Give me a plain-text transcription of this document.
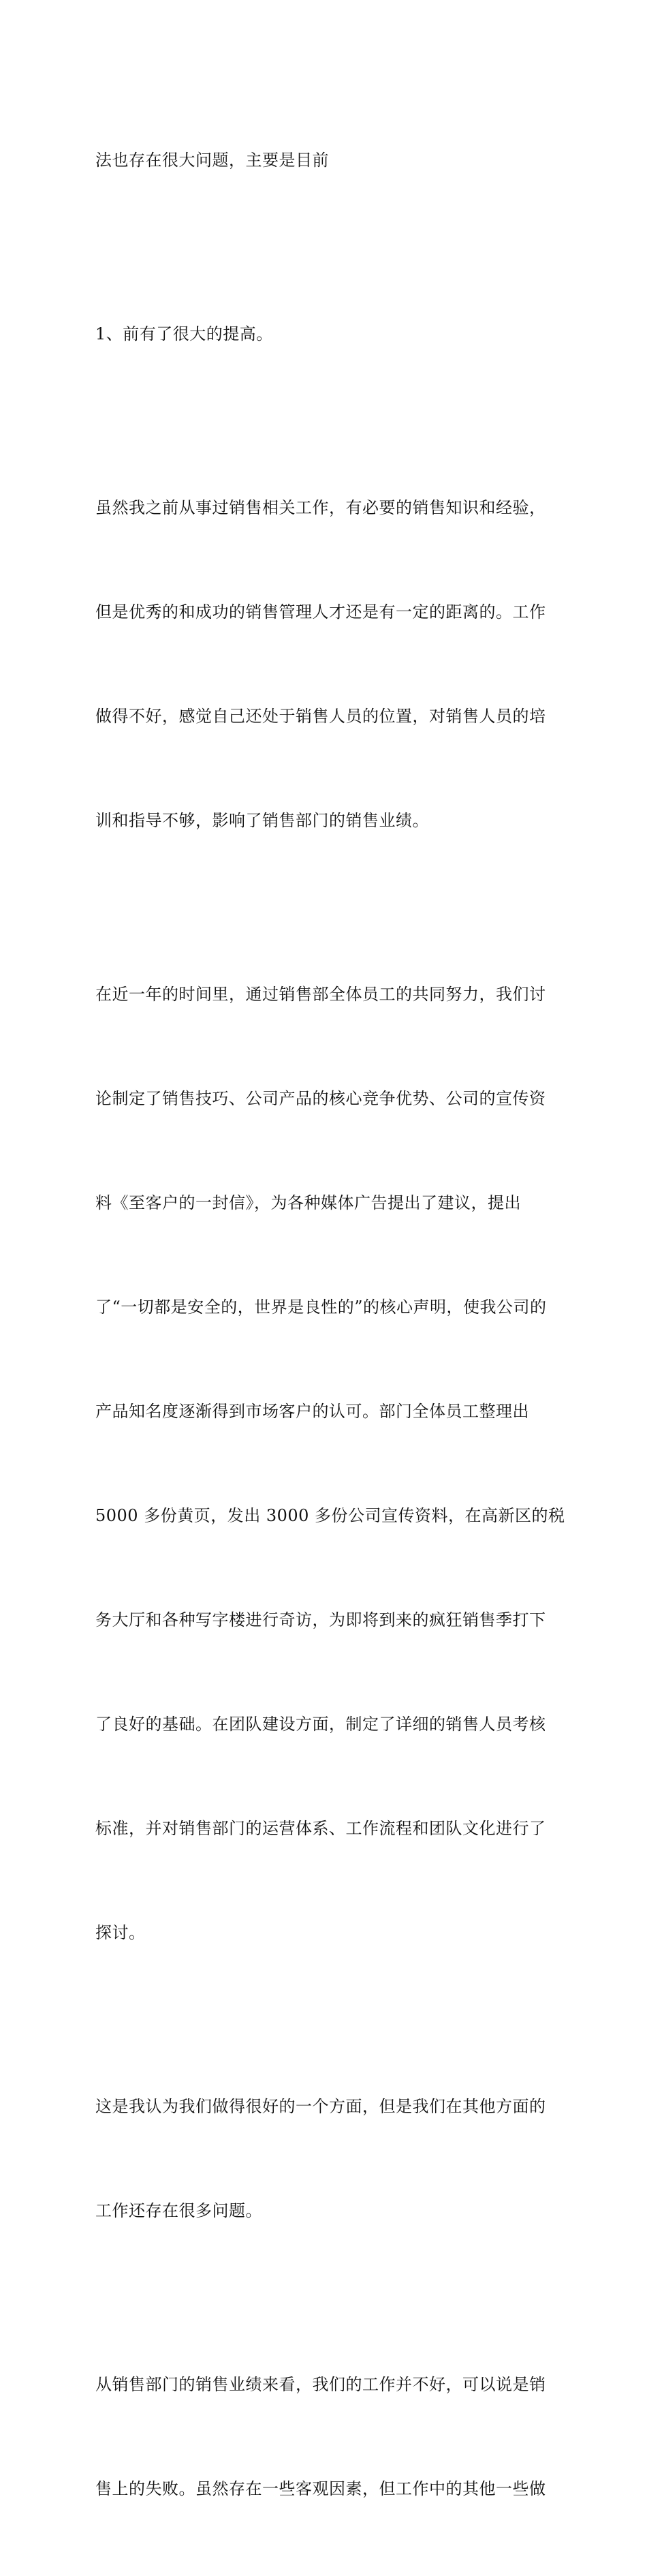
法也存在很大问题，主要是目前

1、前有了很大的提高。

虽然我之前从事过销售相关工作，有必要的销售知识和经验，

但是优秀的和成功的销售管理人才还是有一定的距离的。工作

做得不好，感觉自己还处于销售人员的位置，对销售人员的培

训和指导不够，影响了销售部门的销售业绩。

在近一年的时间里，通过销售部全体员工的共同努力，我们讨

论制定了销售技巧、公司产品的核心竞争优势、公司的宣传资

料《至客户的一封信》，为各种媒体广告提出了建议，提出

了“一切都是安全的，世界是良性的”的核心声明，使我公司的

产品知名度逐渐得到市场客户的认可。部门全体员工整理出

5000 多份黄页，发出 3000 多份公司宣传资料，在高新区的税

务大厅和各种写字楼进行奇访，为即将到来的疯狂销售季打下

了良好的基础。在团队建设方面，制定了详细的销售人员考核

标准，并对销售部门的运营体系、工作流程和团队文化进行了

探讨。

这是我认为我们做得很好的一个方面，但是我们在其他方面的

工作还存在很多问题。

从销售部门的销售业绩来看，我们的工作并不好，可以说是销

售上的失败。虽然存在一些客观因素，但工作中的其他一些做
